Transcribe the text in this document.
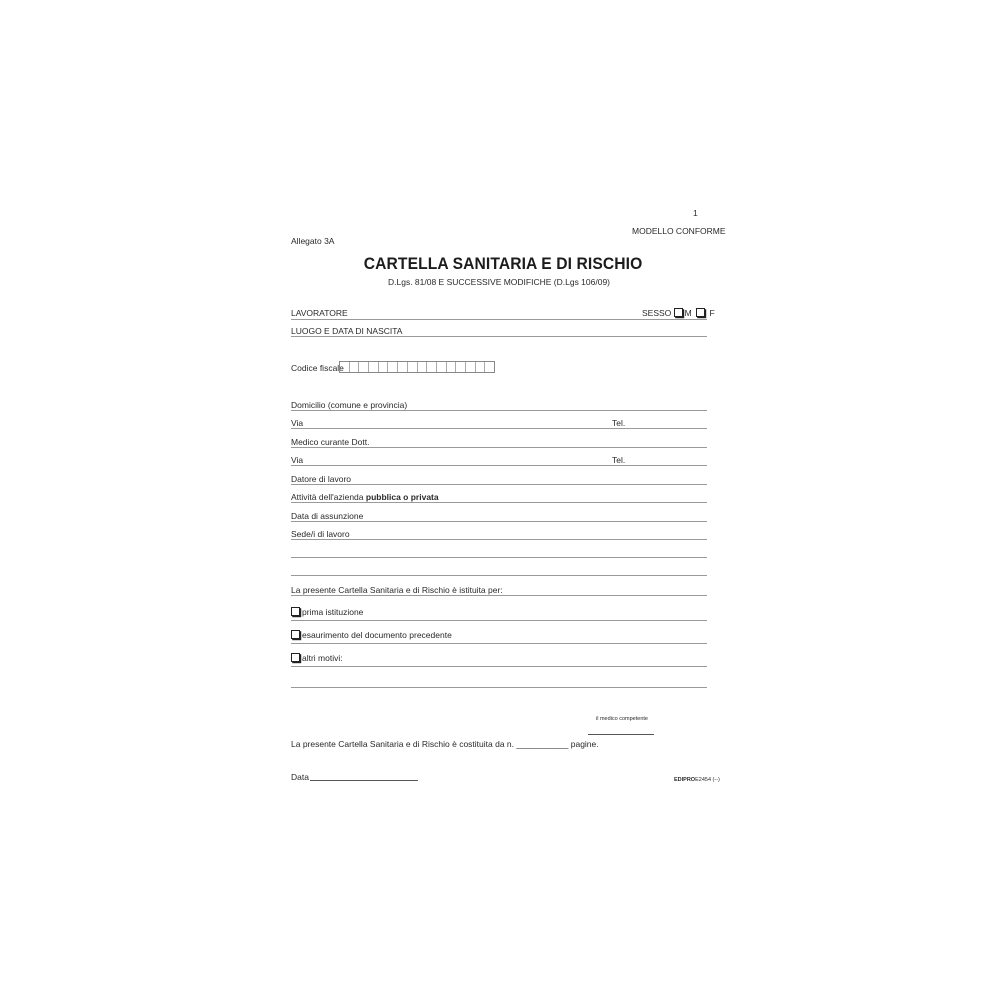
1
MODELLO CONFORME
Allegato 3A
CARTELLA SANITARIA E DI RISCHIO
D.Lgs. 81/08 E SUCCESSIVE MODIFICHE (D.Lgs 106/09)
LAVORATORE	SESSO M F
LUOGO E DATA DI NASCITA
Codice fiscale
Domicilio (comune e provincia)
Via	Tel.
Medico curante Dott.
Via	Tel.
Datore di lavoro
Attività dell'azienda pubblica o privata
Data di assunzione
Sede/i di lavoro
La presente Cartella Sanitaria e di Rischio è istituita per:
prima istituzione
esaurimento del documento precedente
altri motivi:
il medico competente
La presente Cartella Sanitaria e di Rischio è costituita da n. ___________ pagine.
Data	EDIPROE2454 (--)
